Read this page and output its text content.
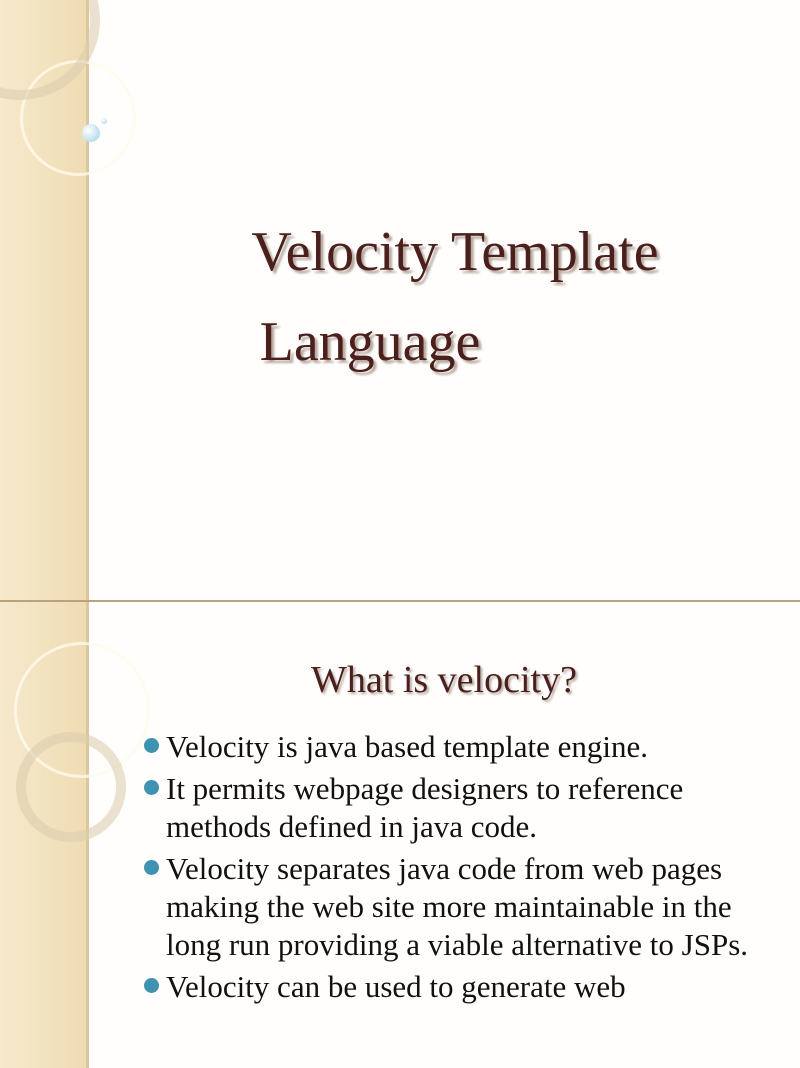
Velocity Template
Language
What is velocity?
Velocity is java based template engine.
It permits webpage designers to reference methods defined in java code.
Velocity separates java code from web pages making the web site more maintainable in the long run providing a viable alternative to JSPs.
Velocity can be used to generate web
